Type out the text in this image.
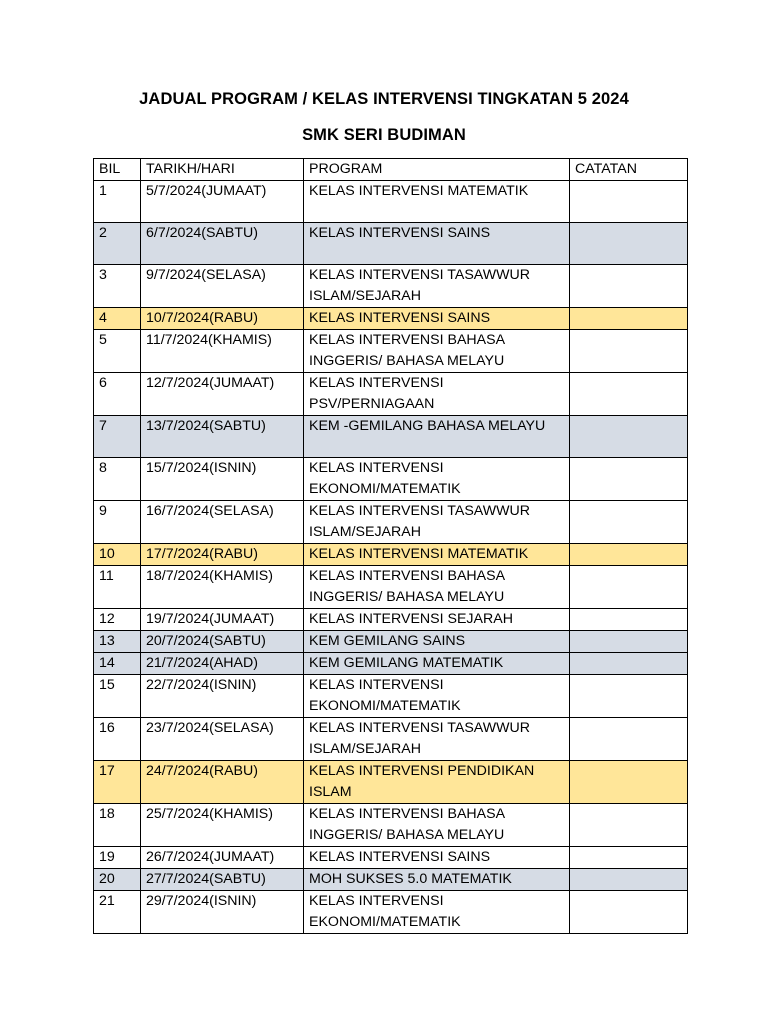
JADUAL PROGRAM / KELAS INTERVENSI TINGKATAN 5 2024
SMK SERI BUDIMAN
BIL	TARIKH/HARI	PROGRAM	CATATAN
1	5/7/2024(JUMAAT)	KELAS INTERVENSI MATEMATIK	
2	6/7/2024(SABTU)	KELAS INTERVENSI SAINS	
3	9/7/2024(SELASA)	KELAS INTERVENSI TASAWWUR ISLAM/SEJARAH	
4	10/7/2024(RABU)	KELAS INTERVENSI SAINS	
5	11/7/2024(KHAMIS)	KELAS INTERVENSI BAHASA INGGERIS/ BAHASA MELAYU	
6	12/7/2024(JUMAAT)	KELAS INTERVENSI PSV/PERNIAGAAN	
7	13/7/2024(SABTU)	KEM -GEMILANG BAHASA MELAYU	
8	15/7/2024(ISNIN)	KELAS INTERVENSI EKONOMI/MATEMATIK	
9	16/7/2024(SELASA)	KELAS INTERVENSI TASAWWUR ISLAM/SEJARAH	
10	17/7/2024(RABU)	KELAS INTERVENSI MATEMATIK	
11	18/7/2024(KHAMIS)	KELAS INTERVENSI BAHASA INGGERIS/ BAHASA MELAYU	
12	19/7/2024(JUMAAT)	KELAS INTERVENSI SEJARAH	
13	20/7/2024(SABTU)	KEM GEMILANG SAINS	
14	21/7/2024(AHAD)	KEM GEMILANG MATEMATIK	
15	22/7/2024(ISNIN)	KELAS INTERVENSI EKONOMI/MATEMATIK	
16	23/7/2024(SELASA)	KELAS INTERVENSI TASAWWUR ISLAM/SEJARAH	
17	24/7/2024(RABU)	KELAS INTERVENSI PENDIDIKAN ISLAM	
18	25/7/2024(KHAMIS)	KELAS INTERVENSI BAHASA INGGERIS/ BAHASA MELAYU	
19	26/7/2024(JUMAAT)	KELAS INTERVENSI SAINS	
20	27/7/2024(SABTU)	MOH SUKSES 5.0 MATEMATIK	
21	29/7/2024(ISNIN)	KELAS INTERVENSI EKONOMI/MATEMATIK	
